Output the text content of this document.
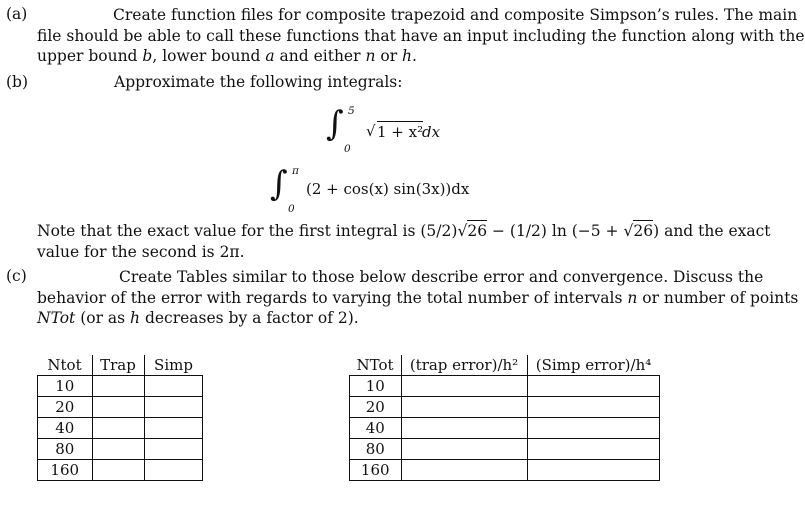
(a)	Create function files for composite trapezoid and composite Simpson’s rules. The main
file should be able to call these functions that have an input including the function along with the
upper bound b, lower bound a and either n or h.
(b)	Approximate the following integrals:
∫ 5
0
√ 1 + x²
dx
∫ π
0
(2 + cos(x) sin(3x))dx
Note that the exact value for the first integral is (5/2)√26 − (1/2) ln (−5 + √26) and the exact
value for the second is 2π.
(c)	Create Tables similar to those below describe error and convergence. Discuss the
behavior of the error with regards to varying the total number of intervals n or number of points
NTot (or as h decreases by a factor of 2).
Ntot	Trap	Simp
10		
20		
40		
80		
160		
NTot	(trap error)/h²	(Simp error)/h⁴
10		
20		
40		
80		
160		
